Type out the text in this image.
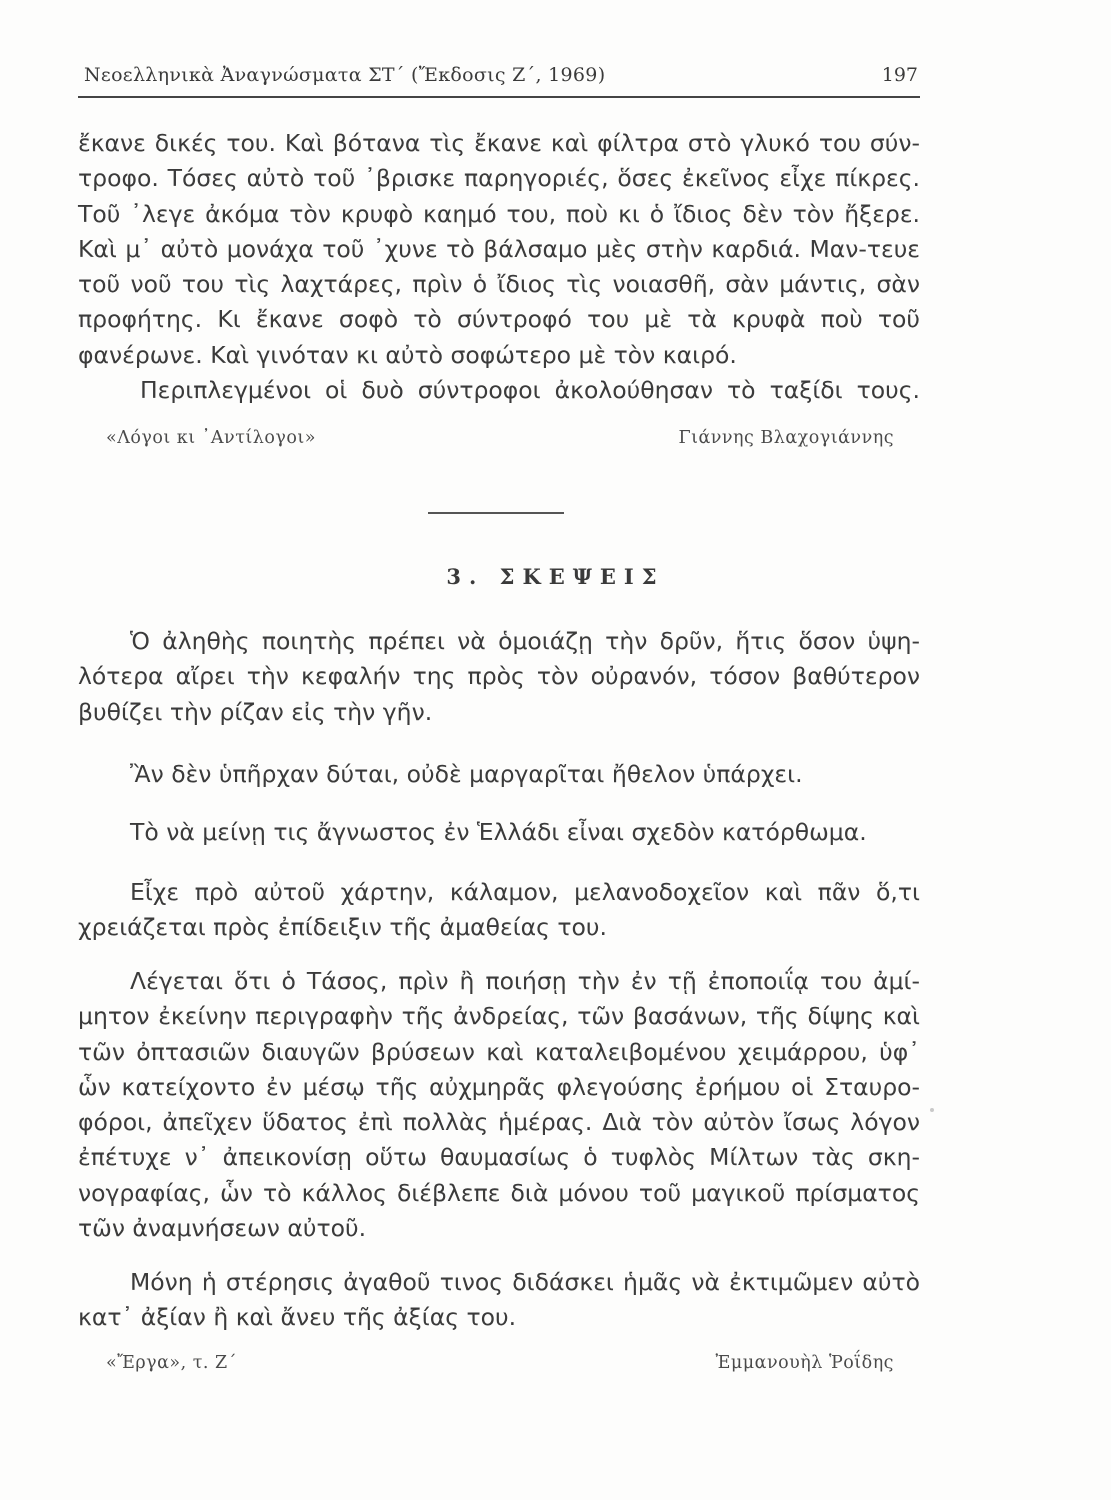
Νεοελληνικὰ Ἀναγνώσματα ΣΤ΄ (Ἔκδοσις Ζ΄, 1969)	197

ἔκανε δικές του. Καὶ βότανα τὶς ἔκανε καὶ φίλτρα στὸ γλυκό του σύν-τροφο. Τόσες αὐτὸ τοῦ ᾽βρισκε παρηγοριές, ὅσες ἐκεῖνος εἶχε πίκρες. Τοῦ ᾽λεγε ἀκόμα τὸν κρυφὸ καημό του, ποὺ κι ὁ ἴδιος δὲν τὸν ἤξερε. Καὶ μ᾽ αὐτὸ μονάχα τοῦ ᾽χυνε τὸ βάλσαμο μὲς στὴν καρδιά. Μαν-τευε τοῦ νοῦ του τὶς λαχτάρες, πρὶν ὁ ἴδιος τὶς νοιασθῆ, σὰν μάντις, σὰν προφήτης. Κι ἔκανε σοφὸ τὸ σύντροφό του μὲ τὰ κρυφὰ ποὺ τοῦ φανέρωνε. Καὶ γινόταν κι αὐτὸ σοφώτερο μὲ τὸν καιρό.

Περιπλεγμένοι οἱ δυὸ σύντροφοι ἀκολούθησαν τὸ ταξίδι τους.
«Λόγοι κι ᾽Αντίλογοι»	Γιάννης Βλαχογιάννης
3. ΣΚΕΨΕΙΣ

Ὁ ἀληθὴς ποιητὴς πρέπει νὰ ὁμοιάζῃ τὴν δρῦν, ἥτις ὅσον ὑψη-λότερα αἴρει τὴν κεφαλήν της πρὸς τὸν οὐρανόν, τόσον βαθύτερον βυθίζει τὴν ρίζαν εἰς τὴν γῆν.

Ἂν δὲν ὑπῆρχαν δύται, οὐδὲ μαργαρῖται ἤθελον ὑπάρχει.

Τὸ νὰ μείνῃ τις ἄγνωστος ἐν Ἑλλάδι εἶναι σχεδὸν κατόρθωμα.

Εἶχε πρὸ αὐτοῦ χάρτην, κάλαμον, μελανοδοχεῖον καὶ πᾶν ὅ,τι χρειάζεται πρὸς ἐπίδειξιν τῆς ἀμαθείας του.

Λέγεται ὅτι ὁ Τάσος, πρὶν ἢ ποιήσῃ τὴν ἐν τῇ ἐποποιΐᾳ του ἀμί-μητον ἐκείνην περιγραφὴν τῆς ἀνδρείας, τῶν βασάνων, τῆς δίψης καὶ τῶν ὀπτασιῶν διαυγῶν βρύσεων καὶ καταλειβομένου χειμάρρου, ὑφ᾽ ὧν κατείχοντο ἐν μέσῳ τῆς αὐχμηρᾶς φλεγούσης ἐρήμου οἱ Σταυρο-φόροι, ἀπεῖχεν ὕδατος ἐπὶ πολλὰς ἡμέρας. Διὰ τὸν αὐτὸν ἴσως λόγον ἐπέτυχε ν᾽ ἀπεικονίσῃ οὕτω θαυμασίως ὁ τυφλὸς Μίλτων τὰς σκη-νογραφίας, ὧν τὸ κάλλος διέβλεπε διὰ μόνου τοῦ μαγικοῦ πρίσματος τῶν ἀναμνήσεων αὐτοῦ.

Μόνη ἡ στέρησις ἀγαθοῦ τινος διδάσκει ἡμᾶς νὰ ἐκτιμῶμεν αὐτὸ κατ᾽ ἀξίαν ἢ καὶ ἄνευ τῆς ἀξίας του.

«Ἔργα», τ. Ζ΄	Ἐμμανουὴλ Ῥοΐδης
